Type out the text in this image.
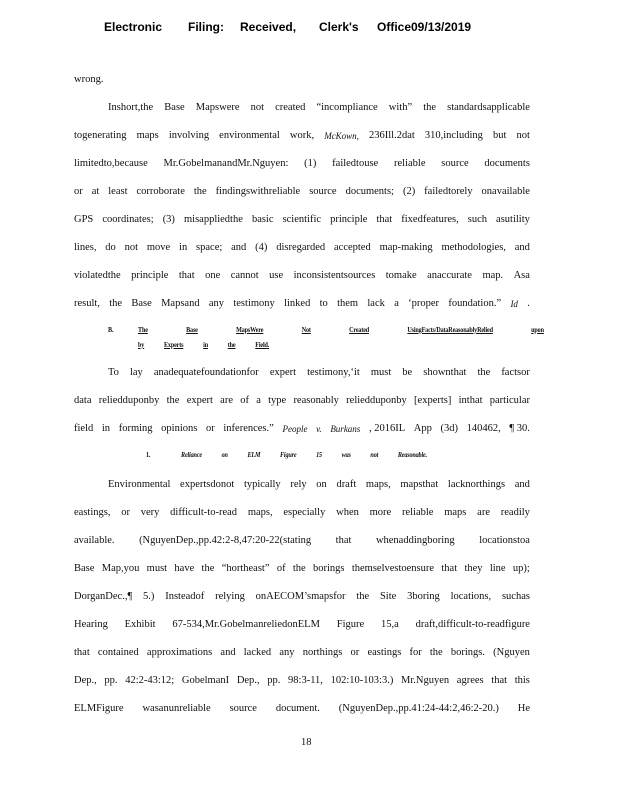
Electronic Filing: Received, Clerk's Office09/13/2019
wrong.
Inshort,the Base Mapswere not created “incompliance with” the standardsapplicable
togenerating maps involving environmental work, McKown, 236Ill.2dat 310,including but not
limitedto,because Mr.GobelmanandMr.Nguyen: (1) failedtouse reliable source documents
or at least corroborate the findingswithreliable source documents; (2) failedtorely onavailable
GPS coordinates; (3) misappliedthe basic scientific principle that fixedfeatures, such asutility
lines, do not move in space; and (4) disregarded accepted map-making methodologies, and
violatedthe principle that one cannot use inconsistentsources tomake anaccurate map. Asa
result, the Base Mapsand any testimony linked to them lack a ‘proper foundation.” Id .
To lay anadequatefoundationfor expert testimony,‘it must be shownthat the factsor
data reliedduponby the expert are of a type reasonably reliedduponby [experts] inthat particular
field in forming opinions or inferences.” People v. Burkans , 2016IL App (3d) 140462, ¶ 30.
Environmental expertsdonot typically rely on draft maps, mapsthat lacknorthings and
eastings, or very difficult-to-read maps, especially when more reliable maps are readily
available. (NguyenDep.,pp.42:2-8,47:20-22(stating that whenaddingboring locationstoa
Base Map,you must have the “hortheast” of the borings themselvestoensure that they line up);
DorganDec.,¶ 5.) Insteadof relying onAECOM’smapsfor the Site 3boring locations, suchas
Hearing Exhibit 67-534,Mr.GobelmanreliedonELM Figure 15,a draft,difficult-to-readfigure
that contained approximations and lacked any northings or eastings for the borings. (Nguyen
Dep., pp. 42:2-43:12; GobelmanI Dep., pp. 98:3-11, 102:10-103:3.) Mr.Nguyen agrees that this
ELMFigure wasanunreliable source document. (NguyenDep.,pp.41:24-44:2,46:2-20.) He
B.	The	Base	MapsWere	Not	Created	UsingFacts/DataReasonablyRelied	upon
by	Experts	in	the	Field.
1.	Reliance	on	ELM	Figure	15	was	not	Reasonable.
18
